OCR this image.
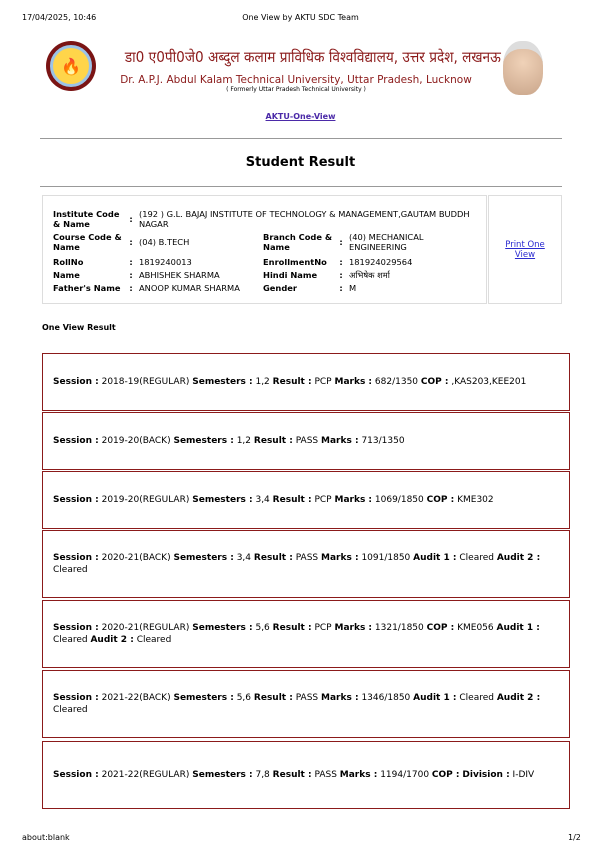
17/04/2025, 10:46	One View by AKTU SDC Team
🔥	डा0 ए0पी0जे0 अब्दुल कलाम प्राविधिक विश्वविद्यालय, उत्तर प्रदेश, लखनऊ
Dr. A.P.J. Abdul Kalam Technical University, Uttar Pradesh, Lucknow
( Formerly Uttar Pradesh Technical University )
AKTU-One-View
Student Result
Institute Code & Name	:	(192 ) G.L. BAJAJ INSTITUTE OF TECHNOLOGY & MANAGEMENT,GAUTAM BUDDH NAGAR			
Course Code & Name	:	(04) B.TECH	Branch Code & Name	:	(40) MECHANICAL ENGINEERING
RollNo	:	1819240013	EnrollmentNo	:	181924029564
Name	:	ABHISHEK SHARMA	Hindi Name	:	अभिषेक शर्मा
Father's Name	:	ANOOP KUMAR SHARMA	Gender	:	M
Print One View
One View Result
Session : 2018-19(REGULAR) Semesters : 1,2 Result : PCP Marks : 682/1350 COP : ,KAS203,KEE201
Session : 2019-20(BACK) Semesters : 1,2 Result : PASS Marks : 713/1350
Session : 2019-20(REGULAR) Semesters : 3,4 Result : PCP Marks : 1069/1850 COP : KME302
Session : 2020-21(BACK) Semesters : 3,4 Result : PASS Marks : 1091/1850 Audit 1 : Cleared Audit 2 : Cleared
Session : 2020-21(REGULAR) Semesters : 5,6 Result : PCP Marks : 1321/1850 COP : KME056 Audit 1 : Cleared Audit 2 : Cleared
Session : 2021-22(BACK) Semesters : 5,6 Result : PASS Marks : 1346/1850 Audit 1 : Cleared Audit 2 : Cleared
Session : 2021-22(REGULAR) Semesters : 7,8 Result : PASS Marks : 1194/1700 COP : Division : I-DIV
about:blank	1/2
